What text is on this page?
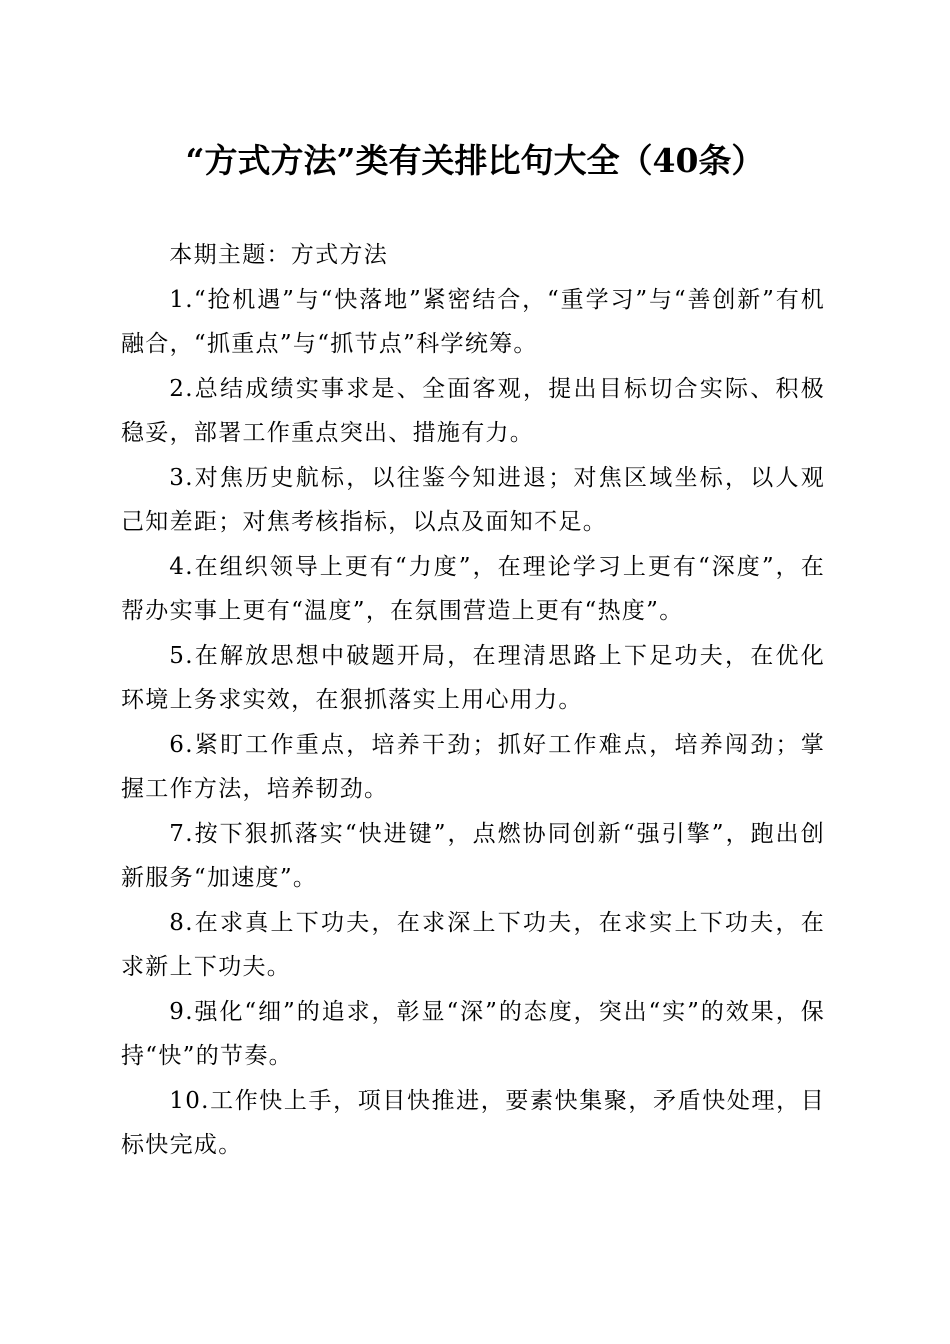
“方式方法”类有关排比句大全（40条）

本期主题：方式方法

1.“抢机遇”与“快落地”紧密结合，“重学习”与“善创新”有机融合，“抓重点”与“抓节点”科学统筹。

2.总结成绩实事求是、全面客观，提出目标切合实际、积极稳妥，部署工作重点突出、措施有力。

3.对焦历史航标，以往鉴今知进退；对焦区域坐标，以人观己知差距；对焦考核指标，以点及面知不足。

4.在组织领导上更有“力度”，在理论学习上更有“深度”，在帮办实事上更有“温度”，在氛围营造上更有“热度”。

5.在解放思想中破题开局，在理清思路上下足功夫，在优化环境上务求实效，在狠抓落实上用心用力。

6.紧盯工作重点，培养干劲；抓好工作难点，培养闯劲；掌握工作方法，培养韧劲。

7.按下狠抓落实“快进键”，点燃协同创新“强引擎”，跑出创新服务“加速度”。

8.在求真上下功夫，在求深上下功夫，在求实上下功夫，在求新上下功夫。

9.强化“细”的追求，彰显“深”的态度，突出“实”的效果，保持“快”的节奏。

10.工作快上手，项目快推进，要素快集聚，矛盾快处理，目标快完成。
